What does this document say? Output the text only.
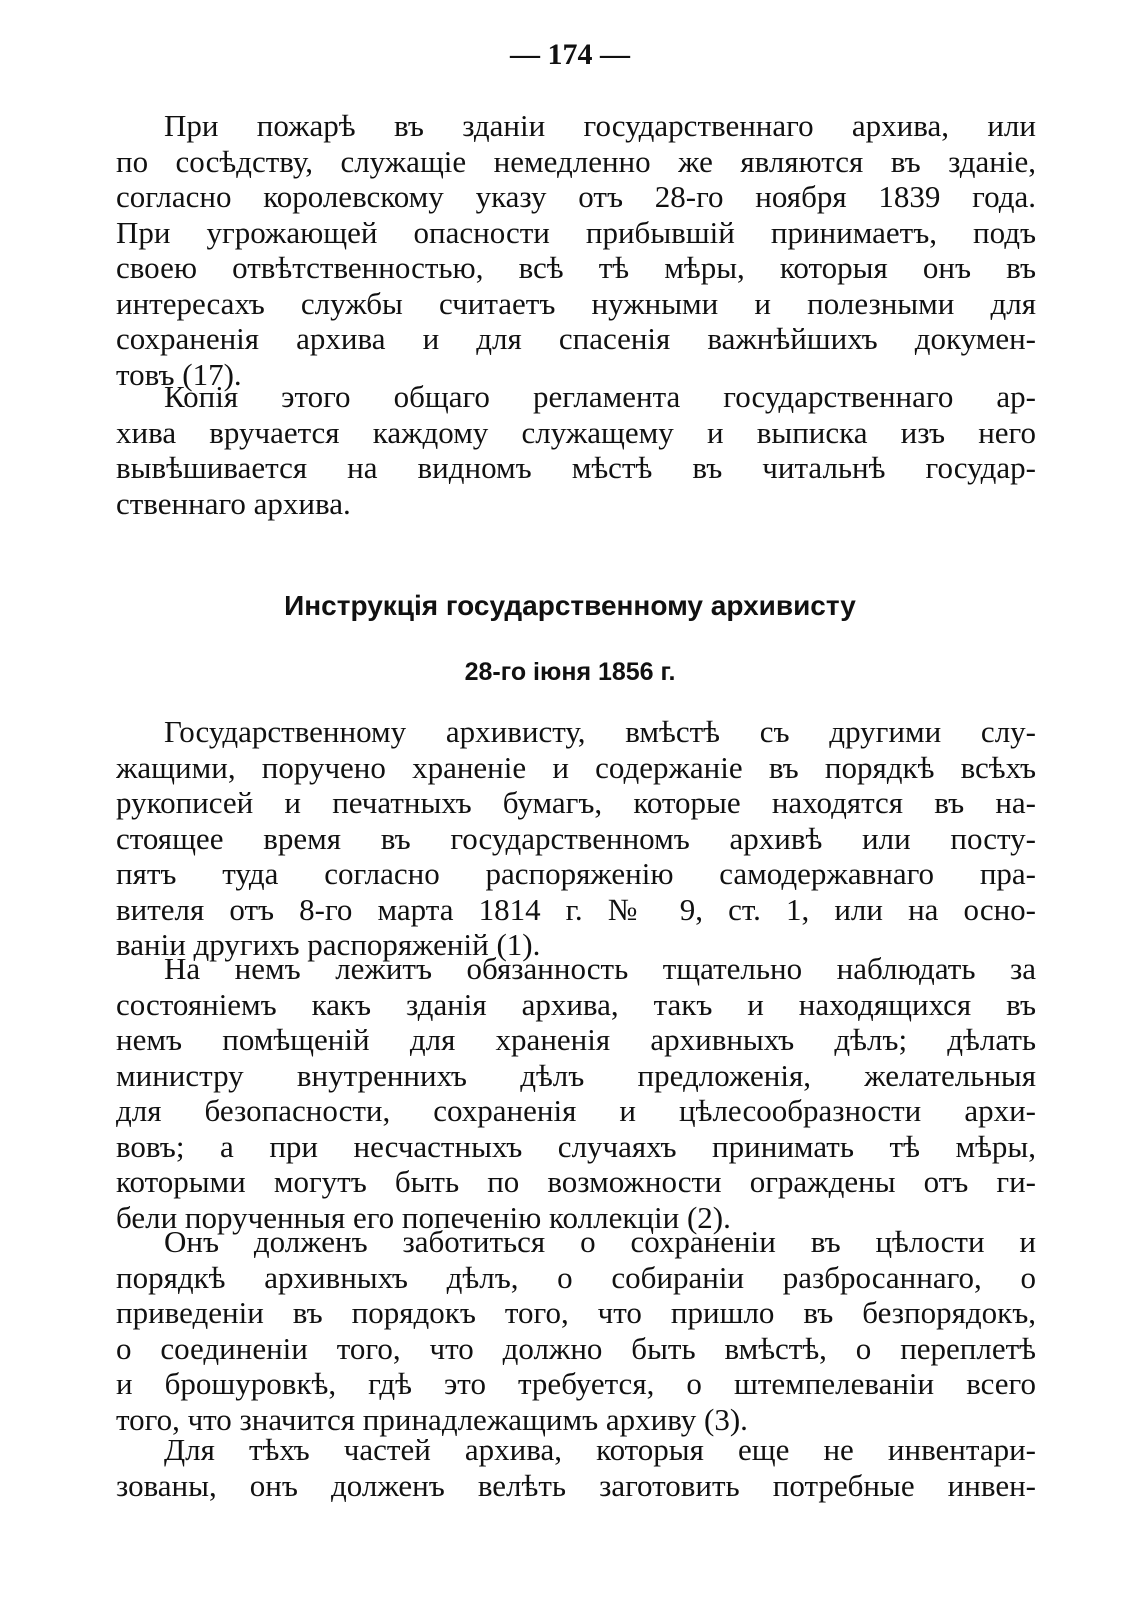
— 174 —
При пожарѣ въ зданіи государственнаго архива, или
по сосѣдству, служащіе немедленно же являются въ зданіе,
согласно королевскому указу отъ 28-го ноября 1839 года.
При угрожающей опасности прибывшій принимаетъ, подъ
своею отвѣтственностью, всѣ тѣ мѣры, которыя онъ въ
интересахъ службы считаетъ нужными и полезными для
сохраненія архива и для спасенія важнѣйшихъ докумен-
товъ (17).
Копія этого общаго регламента государственнаго ар-
хива вручается каждому служащему и выписка изъ него
вывѣшивается на видномъ мѣстѣ въ читальнѣ государ-
ственнаго архива.
Инструкція государственному архивисту
28-го іюня 1856 г.
Государственному архивисту, вмѣстѣ съ другими слу-
жащими, поручено храненіе и содержаніе въ порядкѣ всѣхъ
рукописей и печатныхъ бумагъ, которые находятся въ на-
стоящее время въ государственномъ архивѣ или посту-
пятъ туда согласно распоряженію самодержавнаго пра-
вителя отъ 8-го марта 1814 г. № 9, ст. 1, или на осно-
ваніи другихъ распоряженій (1).
На немъ лежитъ обязанность тщательно наблюдать за
состояніемъ какъ зданія архива, такъ и находящихся въ
немъ помѣщеній для храненія архивныхъ дѣлъ; дѣлать
министру внутреннихъ дѣлъ предложенія, желательныя
для безопасности, сохраненія и цѣлесообразности архи-
вовъ; а при несчастныхъ случаяхъ принимать тѣ мѣры,
которыми могутъ быть по возможности ограждены отъ ги-
бели порученныя его попеченію коллекціи (2).
Онъ долженъ заботиться о сохраненіи въ цѣлости и
порядкѣ архивныхъ дѣлъ, о собираніи разбросаннаго, о
приведеніи въ порядокъ того, что пришло въ безпорядокъ,
о соединеніи того, что должно быть вмѣстѣ, о переплетѣ
и брошуровкѣ, гдѣ это требуется, о штемпелеваніи всего
того, что значится принадлежащимъ архиву (3).
Для тѣхъ частей архива, которыя еще не инвентари-
зованы, онъ долженъ велѣть заготовить потребные инвен-
